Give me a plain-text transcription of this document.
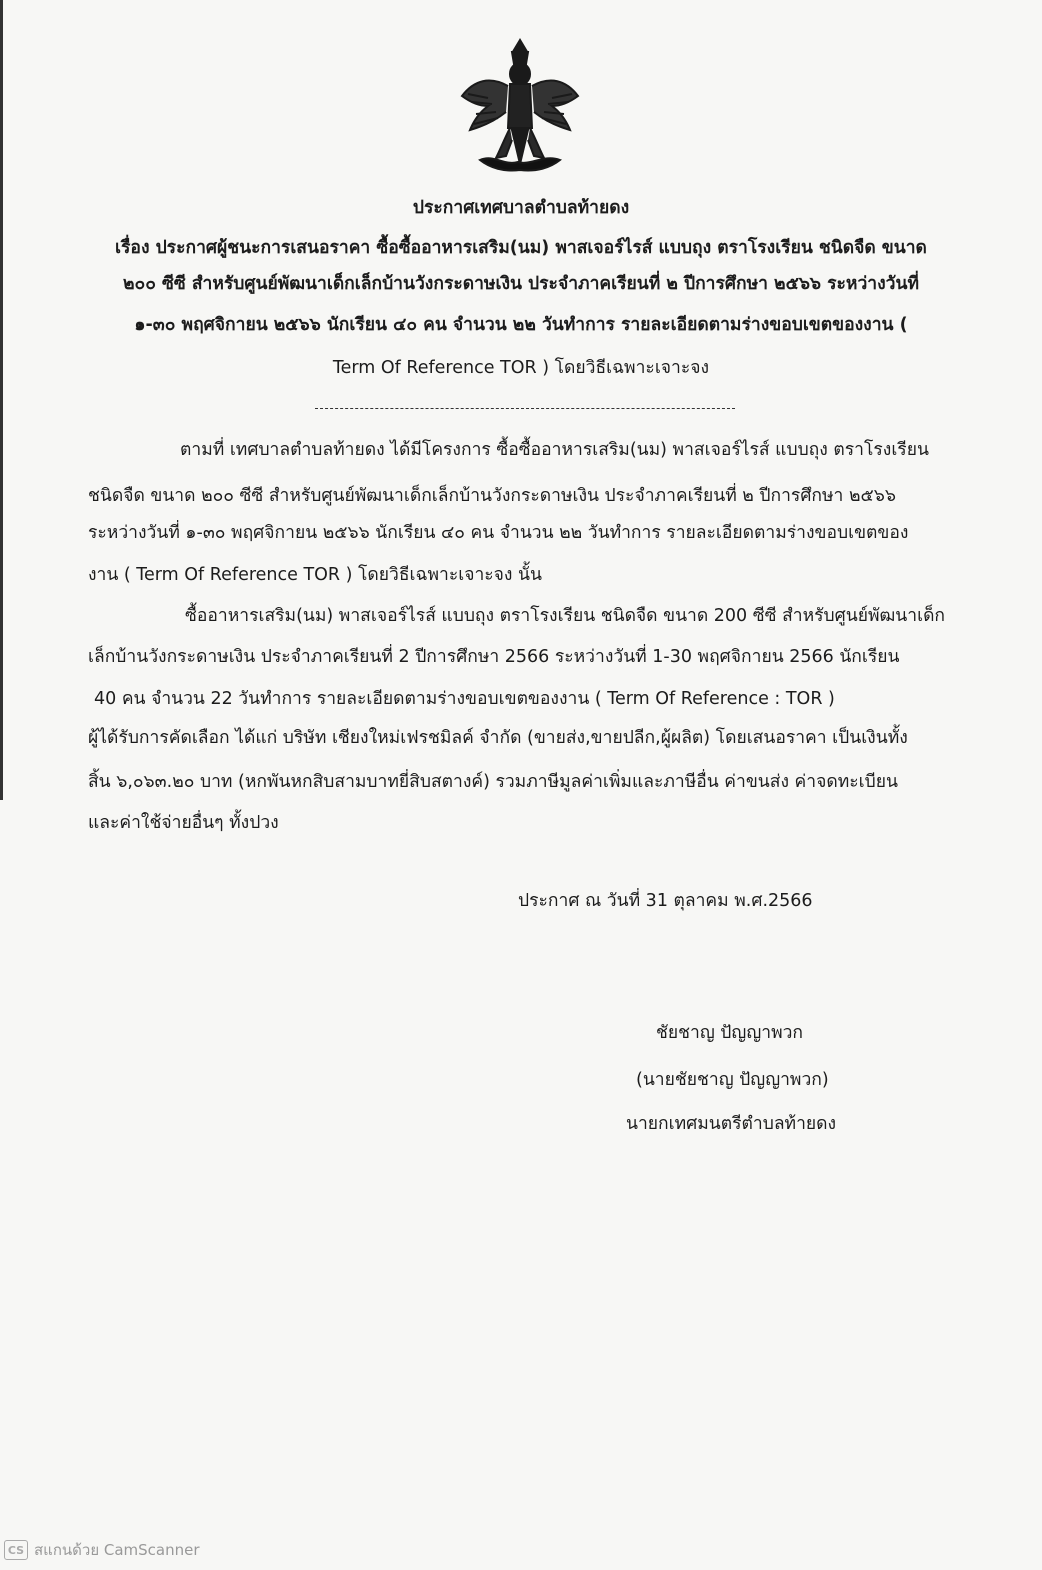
ประกาศเทศบาลตำบลท้ายดง
เรื่อง ประกาศผู้ชนะการเสนอราคา ซื้อซื้ออาหารเสริม(นม) พาสเจอร์ไรส์ แบบถุง ตราโรงเรียน ชนิดจืด ขนาด
๒๐๐ ซีซี สำหรับศูนย์พัฒนาเด็กเล็กบ้านวังกระดาษเงิน ประจำภาคเรียนที่ ๒ ปีการศึกษา ๒๕๖๖ ระหว่างวันที่
๑-๓๐ พฤศจิกายน ๒๕๖๖ นักเรียน ๔๐ คน จำนวน ๒๒ วันทำการ รายละเอียดตามร่างขอบเขตของงาน (
Term Of Reference TOR ) โดยวิธีเฉพาะเจาะจง
ตามที่ เทศบาลตำบลท้ายดง ได้มีโครงการ ซื้อซื้ออาหารเสริม(นม) พาสเจอร์ไรส์ แบบถุง ตราโรงเรียน
ชนิดจืด ขนาด ๒๐๐ ซีซี สำหรับศูนย์พัฒนาเด็กเล็กบ้านวังกระดาษเงิน ประจำภาคเรียนที่ ๒ ปีการศึกษา ๒๕๖๖
ระหว่างวันที่ ๑-๓๐ พฤศจิกายน ๒๕๖๖ นักเรียน ๔๐ คน จำนวน ๒๒ วันทำการ รายละเอียดตามร่างขอบเขตของ
งาน ( Term Of Reference TOR ) โดยวิธีเฉพาะเจาะจง นั้น
ซื้ออาหารเสริม(นม) พาสเจอร์ไรส์ แบบถุง ตราโรงเรียน ชนิดจืด ขนาด 200 ซีซี สำหรับศูนย์พัฒนาเด็ก
เล็กบ้านวังกระดาษเงิน ประจำภาคเรียนที่ 2 ปีการศึกษา 2566 ระหว่างวันที่ 1-30 พฤศจิกายน 2566 นักเรียน
40 คน จำนวน 22 วันทำการ รายละเอียดตามร่างขอบเขตของงาน ( Term Of Reference : TOR )
ผู้ได้รับการคัดเลือก ได้แก่ บริษัท เชียงใหม่เฟรชมิลค์ จำกัด (ขายส่ง,ขายปลีก,ผู้ผลิต) โดยเสนอราคา เป็นเงินทั้ง
สิ้น ๖,๐๖๓.๒๐ บาท (หกพันหกสิบสามบาทยี่สิบสตางค์) รวมภาษีมูลค่าเพิ่มและภาษีอื่น ค่าขนส่ง ค่าจดทะเบียน
และค่าใช้จ่ายอื่นๆ ทั้งปวง
ประกาศ ณ วันที่ 31 ตุลาคม พ.ศ.2566
ชัยชาญ ปัญญาพวก
(นายชัยชาญ ปัญญาพวก)
นายกเทศมนตรีตำบลท้ายดง
CS สแกนด้วย CamScanner
